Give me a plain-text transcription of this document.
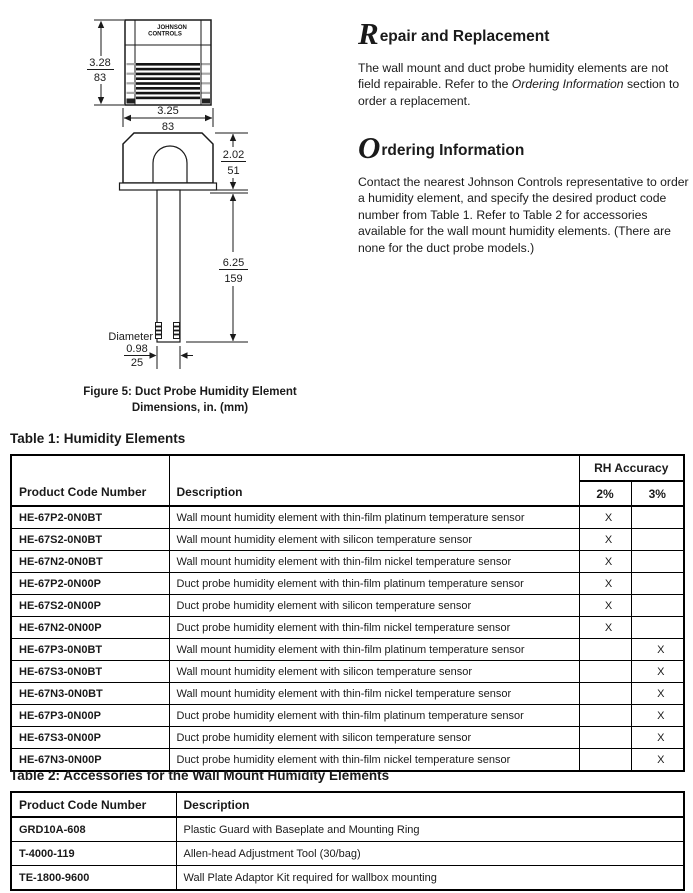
JOHNSON
CONTROLS
3.28
83
3.25
83
2.02
51
6.25
159
Diameter
0.98
25
Figure 5: Duct Probe Humidity Element
Dimensions, in. (mm)
Repair and Replacement
The wall mount and duct probe humidity elements are not field repairable. Refer to the Ordering Information section to order a replacement.
Ordering Information
Contact the nearest Johnson Controls representative to order a humidity element, and specify the desired product code number from Table 1. Refer to Table 2 for accessories available for the wall mount humidity elements. (There are none for the duct probe models.)
Table 1: Humidity Elements
Product Code Number	Description	RH Accuracy	
		2%	3%
HE-67P2-0N0BT	Wall mount humidity element with thin-film platinum temperature sensor	X	
HE-67S2-0N0BT	Wall mount humidity element with silicon temperature sensor	X	
HE-67N2-0N0BT	Wall mount humidity element with thin-film nickel temperature sensor	X	
HE-67P2-0N00P	Duct probe humidity element with thin-film platinum temperature sensor	X	
HE-67S2-0N00P	Duct probe humidity element with silicon temperature sensor	X	
HE-67N2-0N00P	Duct probe humidity element with thin-film nickel temperature sensor	X	
HE-67P3-0N0BT	Wall mount humidity element with thin-film platinum temperature sensor		X
HE-67S3-0N0BT	Wall mount humidity element with silicon temperature sensor		X
HE-67N3-0N0BT	Wall mount humidity element with thin-film nickel temperature sensor		X
HE-67P3-0N00P	Duct probe humidity element with thin-film platinum temperature sensor		X
HE-67S3-0N00P	Duct probe humidity element with silicon temperature sensor		X
HE-67N3-0N00P	Duct probe humidity element with thin-film nickel temperature sensor		X
Table 2: Accessories for the Wall Mount Humidity Elements
Product Code Number	Description
GRD10A-608	Plastic Guard with Baseplate and Mounting Ring
T-4000-119	Allen-head Adjustment Tool (30/bag)
TE-1800-9600	Wall Plate Adaptor Kit required for wallbox mounting
